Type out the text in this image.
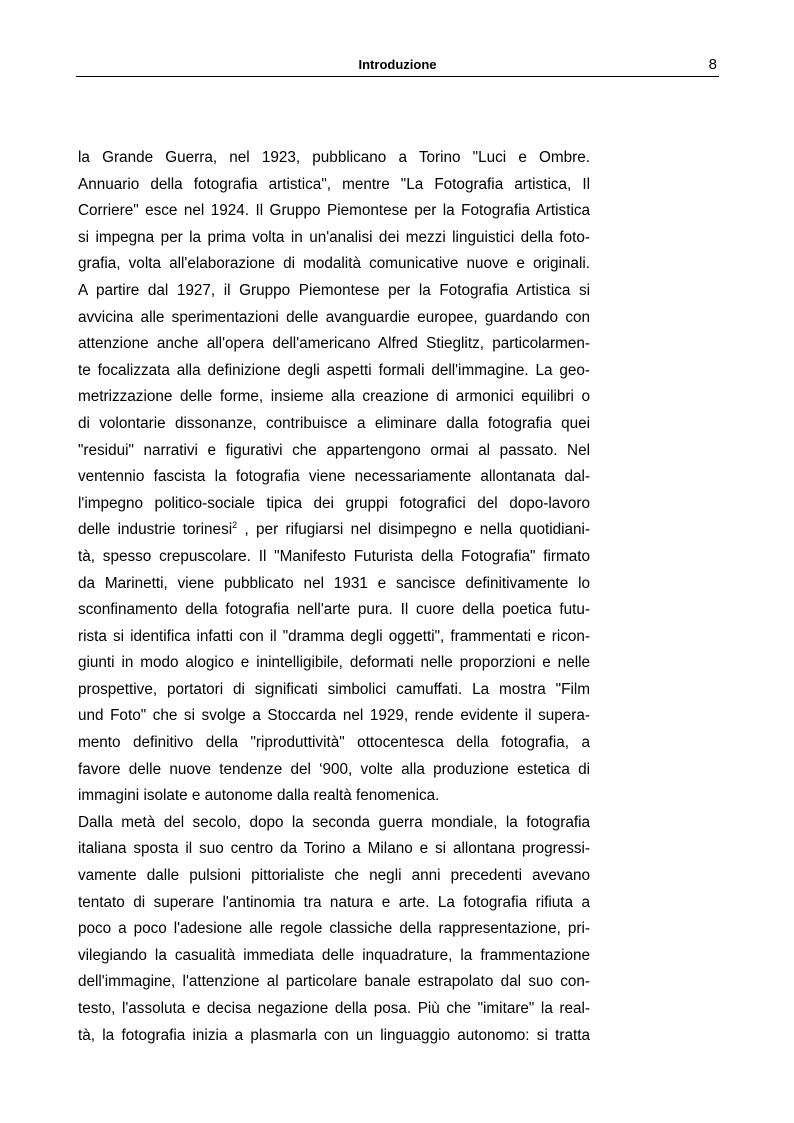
Introduzione	8
la Grande Guerra, nel 1923, pubblicano a Torino "Luci e Ombre.
Annuario della fotografia artistica", mentre "La Fotografia artistica, Il
Corriere" esce nel 1924. Il Gruppo Piemontese per la Fotografia Artistica
si impegna per la prima volta in un'analisi dei mezzi linguistici della foto-
grafia, volta all'elaborazione di modalità comunicative nuove e originali.
A partire dal 1927, il Gruppo Piemontese per la Fotografia Artistica si
avvicina alle sperimentazioni delle avanguardie europee, guardando con
attenzione anche all'opera dell'americano Alfred Stieglitz, particolarmen-
te focalizzata alla definizione degli aspetti formali dell'immagine. La geo-
metrizzazione delle forme, insieme alla creazione di armonici equilibri o
di volontarie dissonanze, contribuisce a eliminare dalla fotografia quei
"residui" narrativi e figurativi che appartengono ormai al passato. Nel
ventennio fascista la fotografia viene necessariamente allontanata dal-
l'impegno politico-sociale tipica dei gruppi fotografici del dopo-lavoro
delle industrie torinesi$^2$ , per rifugiarsi nel disimpegno e nella quotidiani-
tà, spesso crepuscolare. Il "Manifesto Futurista della Fotografia" firmato
da Marinetti, viene pubblicato nel 1931 e sancisce definitivamente lo
sconfinamento della fotografia nell'arte pura. Il cuore della poetica futu-
rista si identifica infatti con il "dramma degli oggetti", frammentati e ricon-
giunti in modo alogico e inintelligibile, deformati nelle proporzioni e nelle
prospettive, portatori di significati simbolici camuffati. La mostra "Film
und Foto" che si svolge a Stoccarda nel 1929, rende evidente il supera-
mento definitivo della "riproduttività" ottocentesca della fotografia, a
favore delle nuove tendenze del ‘900, volte alla produzione estetica di
immagini isolate e autonome dalla realtà fenomenica.
Dalla metà del secolo, dopo la seconda guerra mondiale, la fotografia
italiana sposta il suo centro da Torino a Milano e si allontana progressi-
vamente dalle pulsioni pittorialiste che negli anni precedenti avevano
tentato di superare l'antinomia tra natura e arte. La fotografia rifiuta a
poco a poco l'adesione alle regole classiche della rappresentazione, pri-
vilegiando la casualità immediata delle inquadrature, la frammentazione
dell'immagine, l'attenzione al particolare banale estrapolato dal suo con-
testo, l'assoluta e decisa negazione della posa. Più che "imitare" la real-
tà, la fotografia inizia a plasmarla con un linguaggio autonomo: si tratta
